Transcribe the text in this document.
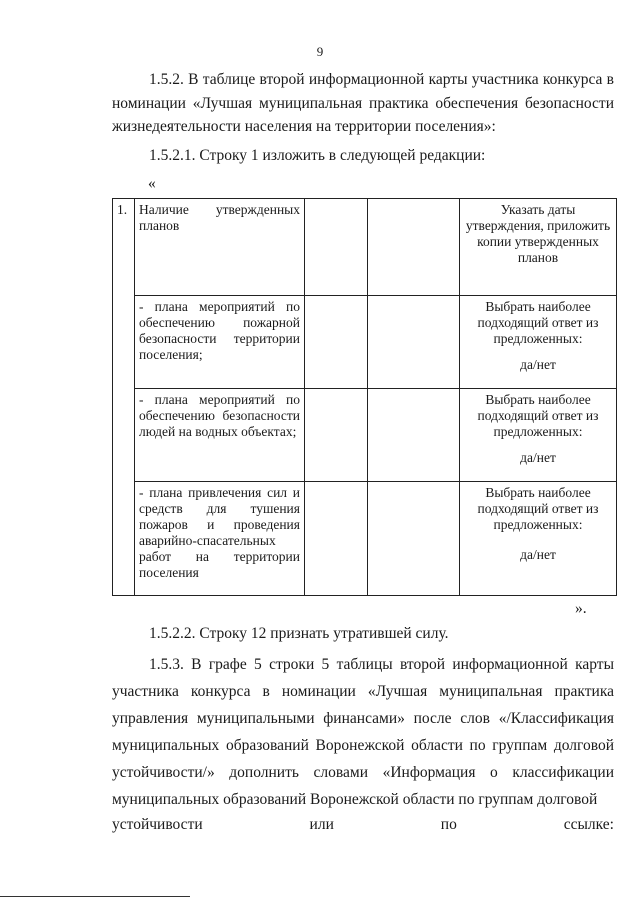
9

1.5.2. В таблице второй информационной карты участника конкурса в номинации «Лучшая муниципальная практика обеспечения безопасности жизнедеятельности населения на территории поселения»:

1.5.2.1. Строку 1 изложить в следующей редакции:

«
1.	Наличие утвержденных планов			Указать даты утверждения, приложить копии утвержденных планов

	- плана мероприятий по обеспечению пожарной безопасности территории поселения;			Выбрать наиболее подходящий ответ из предложенных:
да/нет

	- плана мероприятий по обеспечению безопасности людей на водных объектах;			Выбрать наиболее подходящий ответ из предложенных:
да/нет

	- плана привлечения сил и средств для тушения пожаров и проведения аварийно-спасательных работ на территории поселения			Выбрать наиболее подходящий ответ из предложенных:
да/нет
».

1.5.2.2. Строку 12 признать утратившей силу.

1.5.3. В графе 5 строки 5 таблицы второй информационной карты участника конкурса в номинации «Лучшая муниципальная практика управления муниципальными финансами» после слов «/Классификация муниципальных образований Воронежской области по группам долговой устойчивости/» дополнить словами «Информация о классификации муниципальных образований Воронежской области по группам долговой

устойчивости или по ссылке:
